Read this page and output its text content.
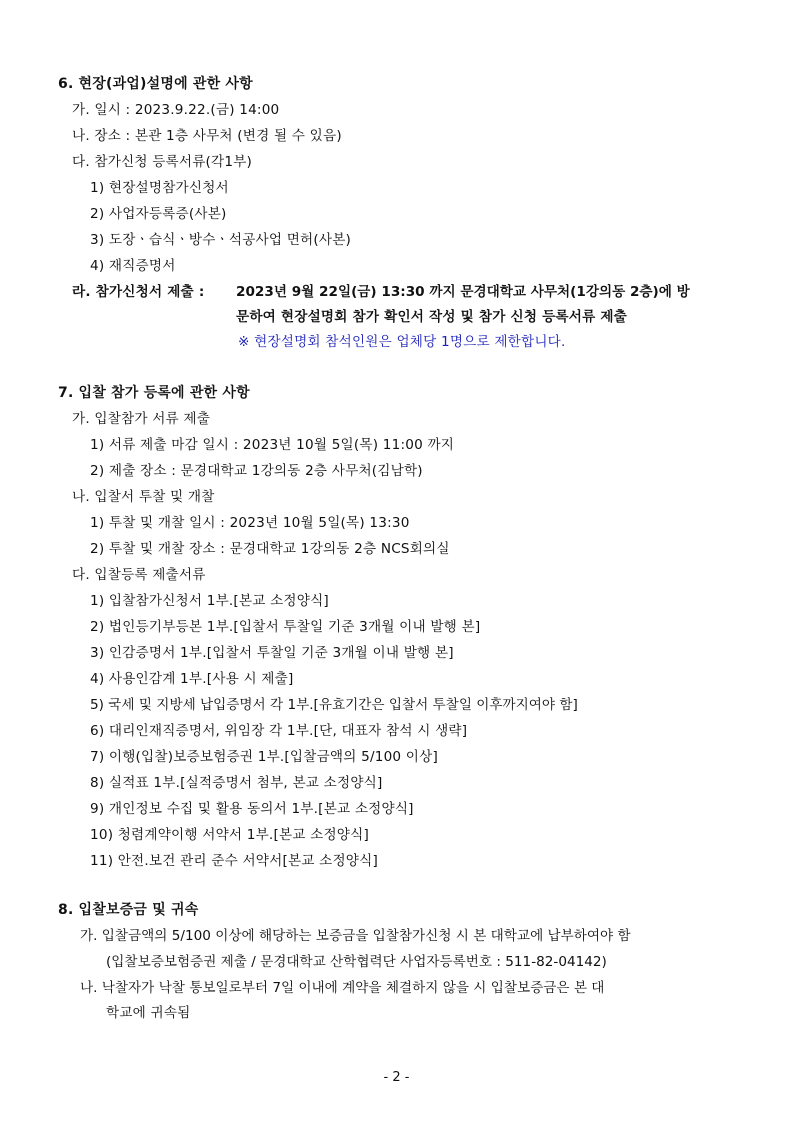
6. 현장(과업)설명에 관한 사항
가. 일시 : 2023.9.22.(금) 14:00
나. 장소 : 본관 1층 사무처 (변경 될 수 있음)
다. 참가신청 등록서류(각1부)
1) 현장설명참가신청서
2) 사업자등록증(사본)
3) 도장ㆍ습식ㆍ방수ㆍ석공사업 면허(사본)
4) 재직증명서
라. 참가신청서 제출 : 2023년 9월 22일(금) 13:30 까지 문경대학교 사무처(1강의동 2층)에 방
문하여 현장설명회 참가 확인서 작성 및 참가 신청 등록서류 제출
※ 현장설명회 참석인원은 업체당 1명으로 제한합니다.
7. 입찰 참가 등록에 관한 사항
가. 입찰참가 서류 제출
1) 서류 제출 마감 일시 : 2023년 10월 5일(목) 11:00 까지
2) 제출 장소 : 문경대학교 1강의동 2층 사무처(김남학)
나. 입찰서 투찰 및 개찰
1) 투찰 및 개찰 일시 : 2023년 10월 5일(목) 13:30
2) 투찰 및 개찰 장소 : 문경대학교 1강의동 2층 NCS회의실
다. 입찰등록 제출서류
1) 입찰참가신청서 1부.[본교 소정양식]
2) 법인등기부등본 1부.[입찰서 투찰일 기준 3개월 이내 발행 본]
3) 인감증명서 1부.[입찰서 투찰일 기준 3개월 이내 발행 본]
4) 사용인감계 1부.[사용 시 제출]
5) 국세 및 지방세 납입증명서 각 1부.[유효기간은 입찰서 투찰일 이후까지여야 함]
6) 대리인재직증명서, 위임장 각 1부.[단, 대표자 참석 시 생략]
7) 이행(입찰)보증보험증권 1부.[입찰금액의 5/100 이상]
8) 실적표 1부.[실적증명서 첨부, 본교 소정양식]
9) 개인정보 수집 및 활용 동의서 1부.[본교 소정양식]
10) 청렴계약이행 서약서 1부.[본교 소정양식]
11) 안전.보건 관리 준수 서약서[본교 소정양식]
8. 입찰보증금 및 귀속
가. 입찰금액의 5/100 이상에 해당하는 보증금을 입찰참가신청 시 본 대학교에 납부하여야 함
(입찰보증보험증권 제출 / 문경대학교 산학협력단 사업자등록번호 : 511-82-04142)
나. 낙찰자가 낙찰 통보일로부터 7일 이내에 계약을 체결하지 않을 시 입찰보증금은 본 대
학교에 귀속됨
- 2 -
